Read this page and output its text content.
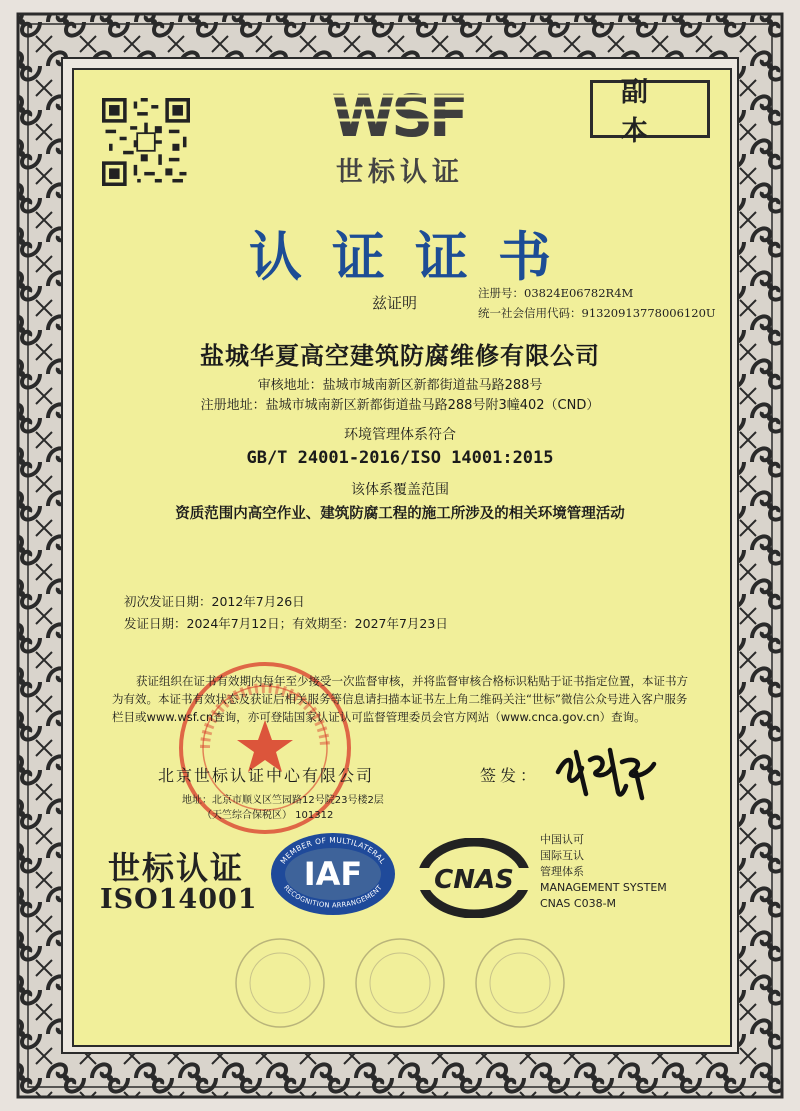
副 本
WSF
世标认证
认证证书
兹证明
注册号：03824E06782R4M
统一社会信用代码：91320913778006120U
盐城华夏高空建筑防腐维修有限公司
审核地址：盐城市城南新区新都街道盐马路288号
注册地址：盐城市城南新区新都街道盐马路288号附3幢402（CND）
环境管理体系符合
GB/T 24001-2016/ISO 14001:2015
该体系覆盖范围
资质范围内高空作业、建筑防腐工程的施工所涉及的相关环境管理活动
初次发证日期：2012年7月26日
发证日期：2024年7月12日；有效期至：2027年7月23日
获证组织在证书有效期内每年至少接受一次监督审核，并将监督审核合格标识粘贴于证书指定位置，本证书方为有效。本证书有效状态及获证后相关服务等信息请扫描本证书左上角二维码关注“世标”微信公众号进入客户服务栏目或www.wsf.cn查询，亦可登陆国家认证认可监督管理委员会官方网站（www.cnca.gov.cn）查询。
北京世标认证中心有限公司
地址：北京市顺义区竺园路12号院23号楼2层
（天竺综合保税区） 101312
签发：
世标认证
ISO14001
MEMBER OF MULTILATERAL
RECOGNITION ARRANGEMENT
IAF	CNAS
中国认可
国际互认
管理体系
MANAGEMENT SYSTEM
CNAS C038-M
